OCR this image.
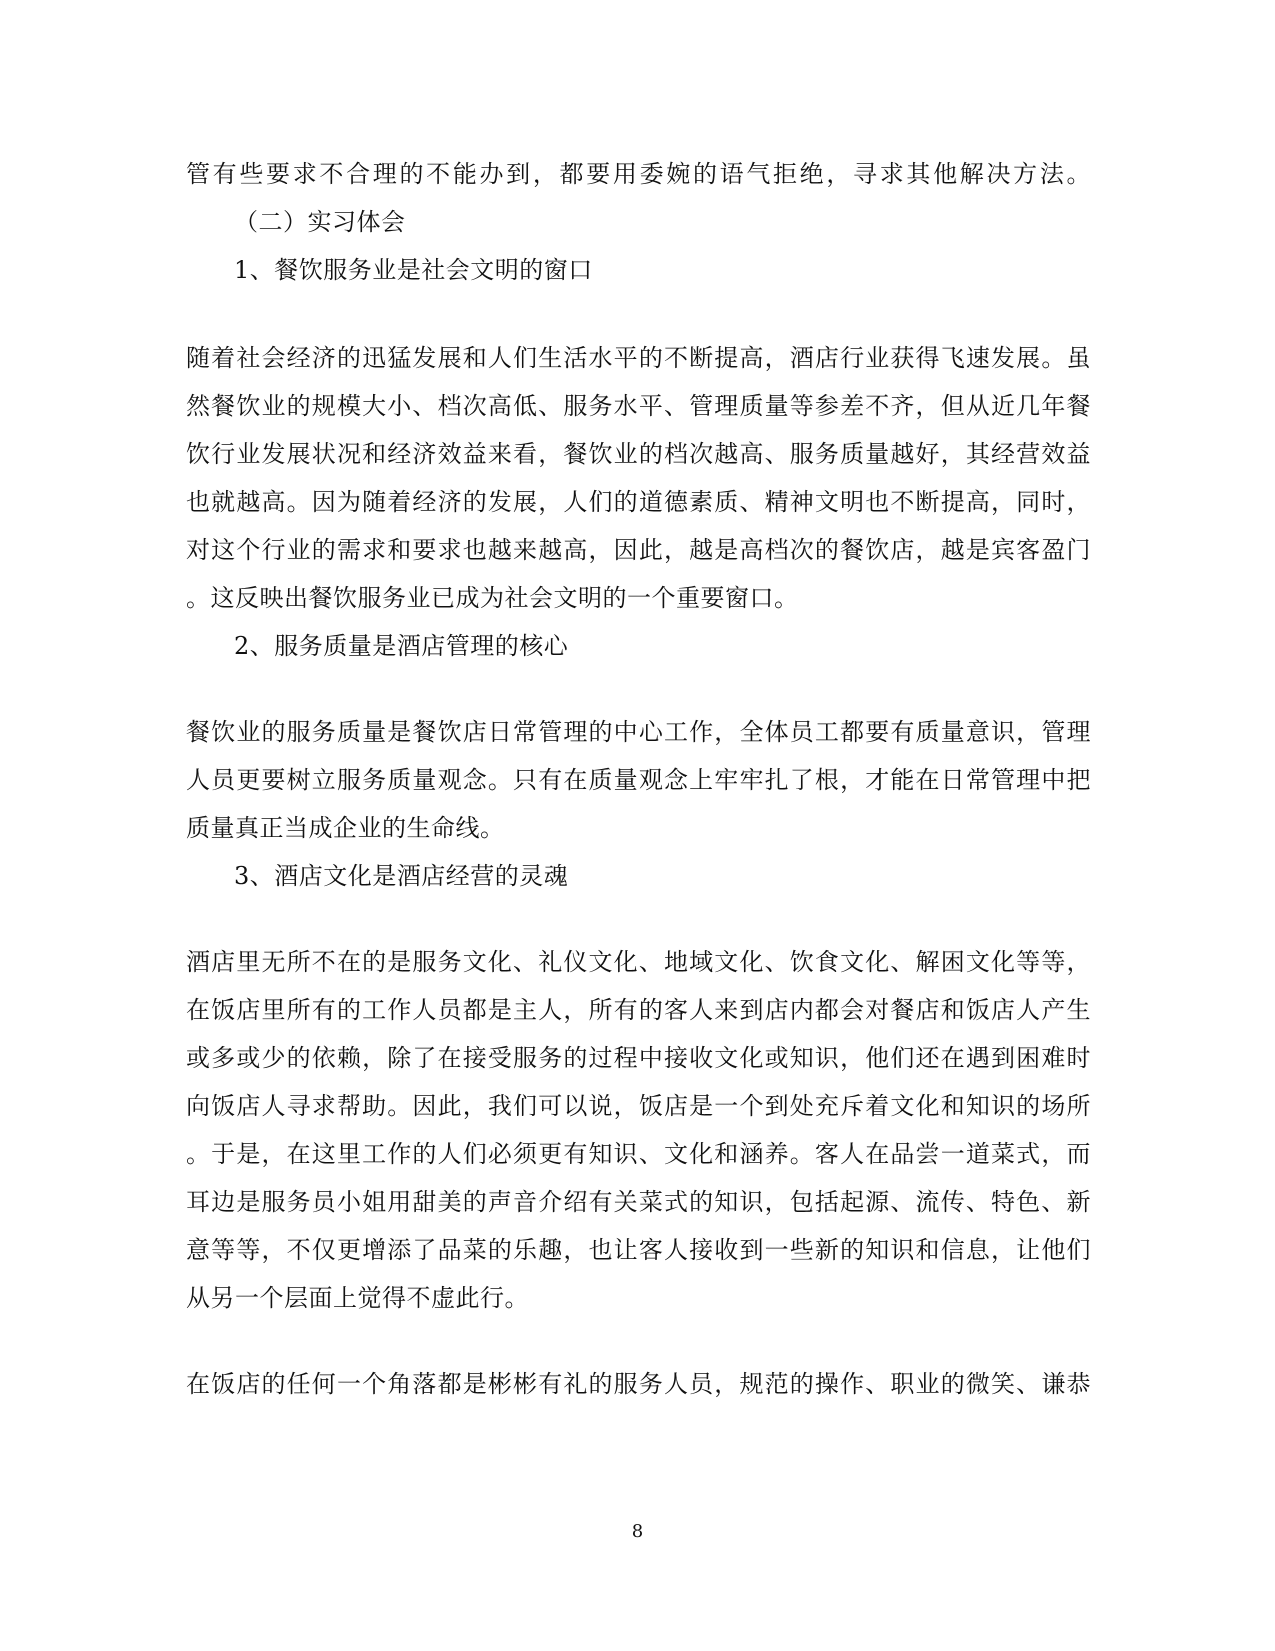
管有些要求不合理的不能办到，都要用委婉的语气拒绝，寻求其他解决方法。
（二）实习体会
1、餐饮服务业是社会文明的窗口
随着社会经济的迅猛发展和人们生活水平的不断提高，酒店行业获得飞速发展。虽
然餐饮业的规模大小、档次高低、服务水平、管理质量等参差不齐，但从近几年餐
饮行业发展状况和经济效益来看，餐饮业的档次越高、服务质量越好，其经营效益
也就越高。因为随着经济的发展，人们的道德素质、精神文明也不断提高，同时，
对这个行业的需求和要求也越来越高，因此，越是高档次的餐饮店，越是宾客盈门
。这反映出餐饮服务业已成为社会文明的一个重要窗口。
2、服务质量是酒店管理的核心
餐饮业的服务质量是餐饮店日常管理的中心工作，全体员工都要有质量意识，管理
人员更要树立服务质量观念。只有在质量观念上牢牢扎了根，才能在日常管理中把
质量真正当成企业的生命线。
3、酒店文化是酒店经营的灵魂
酒店里无所不在的是服务文化、礼仪文化、地域文化、饮食文化、解困文化等等，
在饭店里所有的工作人员都是主人，所有的客人来到店内都会对餐店和饭店人产生
或多或少的依赖，除了在接受服务的过程中接收文化或知识，他们还在遇到困难时
向饭店人寻求帮助。因此，我们可以说，饭店是一个到处充斥着文化和知识的场所
。于是，在这里工作的人们必须更有知识、文化和涵养。客人在品尝一道菜式，而
耳边是服务员小姐用甜美的声音介绍有关菜式的知识，包括起源、流传、特色、新
意等等，不仅更增添了品菜的乐趣，也让客人接收到一些新的知识和信息，让他们
从另一个层面上觉得不虚此行。
在饭店的任何一个角落都是彬彬有礼的服务人员，规范的操作、职业的微笑、谦恭
8
